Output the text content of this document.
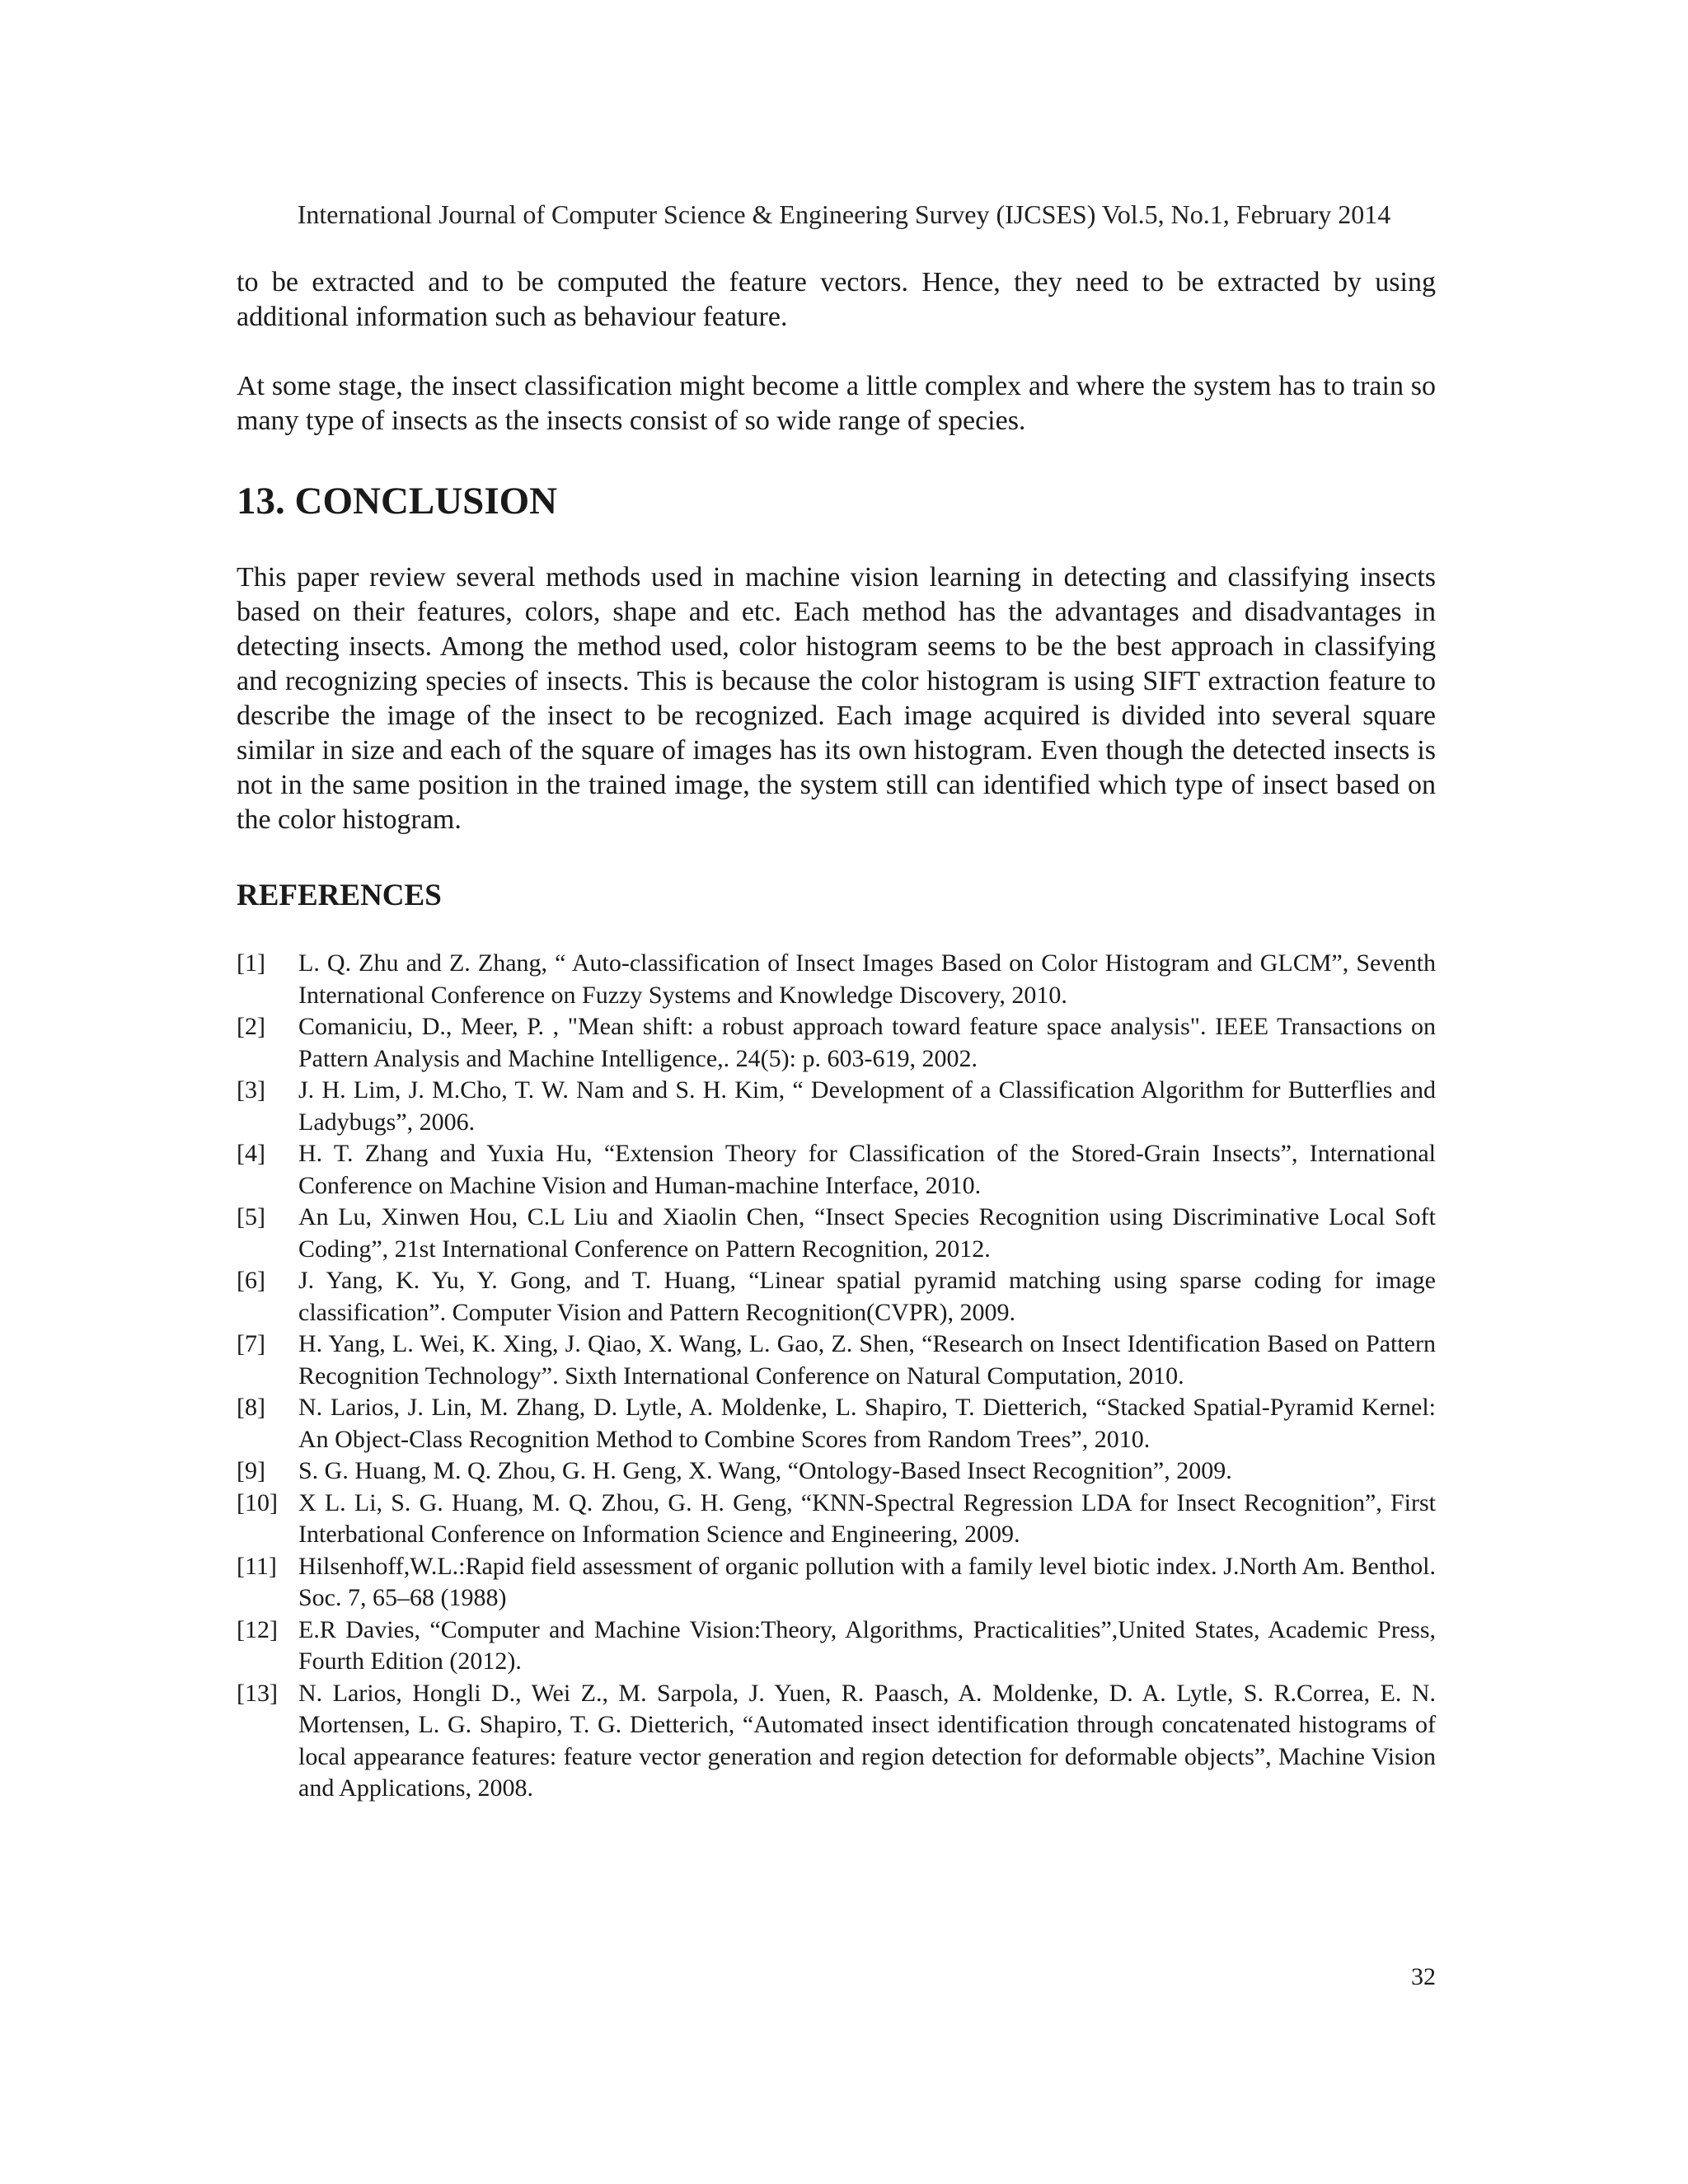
International Journal of Computer Science & Engineering Survey (IJCSES) Vol.5, No.1, February 2014

to be extracted and to be computed the feature vectors. Hence, they need to be extracted by using additional information such as behaviour feature.

At some stage, the insect classification might become a little complex and where the system has to train so many type of insects as the insects consist of so wide range of species.

13. CONCLUSION

This paper review several methods used in machine vision learning in detecting and classifying insects based on their features, colors, shape and etc. Each method has the advantages and disadvantages in detecting insects. Among the method used, color histogram seems to be the best approach in classifying and recognizing species of insects. This is because the color histogram is using SIFT extraction feature to describe the image of the insect to be recognized. Each image acquired is divided into several square similar in size and each of the square of images has its own histogram. Even though the detected insects is not in the same position in the trained image, the system still can identified which type of insect based on the color histogram.

REFERENCES
[1] L. Q. Zhu and Z. Zhang, “ Auto-classification of Insect Images Based on Color Histogram and GLCM”, Seventh International Conference on Fuzzy Systems and Knowledge Discovery, 2010.
[2] Comaniciu, D., Meer, P. , "Mean shift: a robust approach toward feature space analysis". IEEE Transactions on Pattern Analysis and Machine Intelligence,. 24(5): p. 603-619, 2002.
[3] J. H. Lim, J. M.Cho, T. W. Nam and S. H. Kim, “ Development of a Classification Algorithm for Butterflies and Ladybugs”, 2006.
[4] H. T. Zhang and Yuxia Hu, “Extension Theory for Classification of the Stored-Grain Insects”, International Conference on Machine Vision and Human-machine Interface, 2010.
[5] An Lu, Xinwen Hou, C.L Liu and Xiaolin Chen, “Insect Species Recognition using Discriminative Local Soft Coding”, 21st International Conference on Pattern Recognition, 2012.
[6] J. Yang, K. Yu, Y. Gong, and T. Huang, “Linear spatial pyramid matching using sparse coding for image classification”. Computer Vision and Pattern Recognition(CVPR), 2009.
[7] H. Yang, L. Wei, K. Xing, J. Qiao, X. Wang, L. Gao, Z. Shen, “Research on Insect Identification Based on Pattern Recognition Technology”. Sixth International Conference on Natural Computation, 2010.
[8] N. Larios, J. Lin, M. Zhang, D. Lytle, A. Moldenke, L. Shapiro, T. Dietterich, “Stacked Spatial-Pyramid Kernel: An Object-Class Recognition Method to Combine Scores from Random Trees”, 2010.
[9] S. G. Huang, M. Q. Zhou, G. H. Geng, X. Wang, “Ontology-Based Insect Recognition”, 2009.
[10] X L. Li, S. G. Huang, M. Q. Zhou, G. H. Geng, “KNN-Spectral Regression LDA for Insect Recognition”, First Interbational Conference on Information Science and Engineering, 2009.
[11] Hilsenhoff,W.L.:Rapid field assessment of organic pollution with a family level biotic index. J.North Am. Benthol. Soc. 7, 65–68 (1988)
[12] E.R Davies, “Computer and Machine Vision:Theory, Algorithms, Practicalities”,United States, Academic Press, Fourth Edition (2012).
[13] N. Larios, Hongli D., Wei Z., M. Sarpola, J. Yuen, R. Paasch, A. Moldenke, D. A. Lytle, S. R.Correa, E. N. Mortensen, L. G. Shapiro, T. G. Dietterich, “Automated insect identification through concatenated histograms of local appearance features: feature vector generation and region detection for deformable objects”, Machine Vision and Applications, 2008.
32
